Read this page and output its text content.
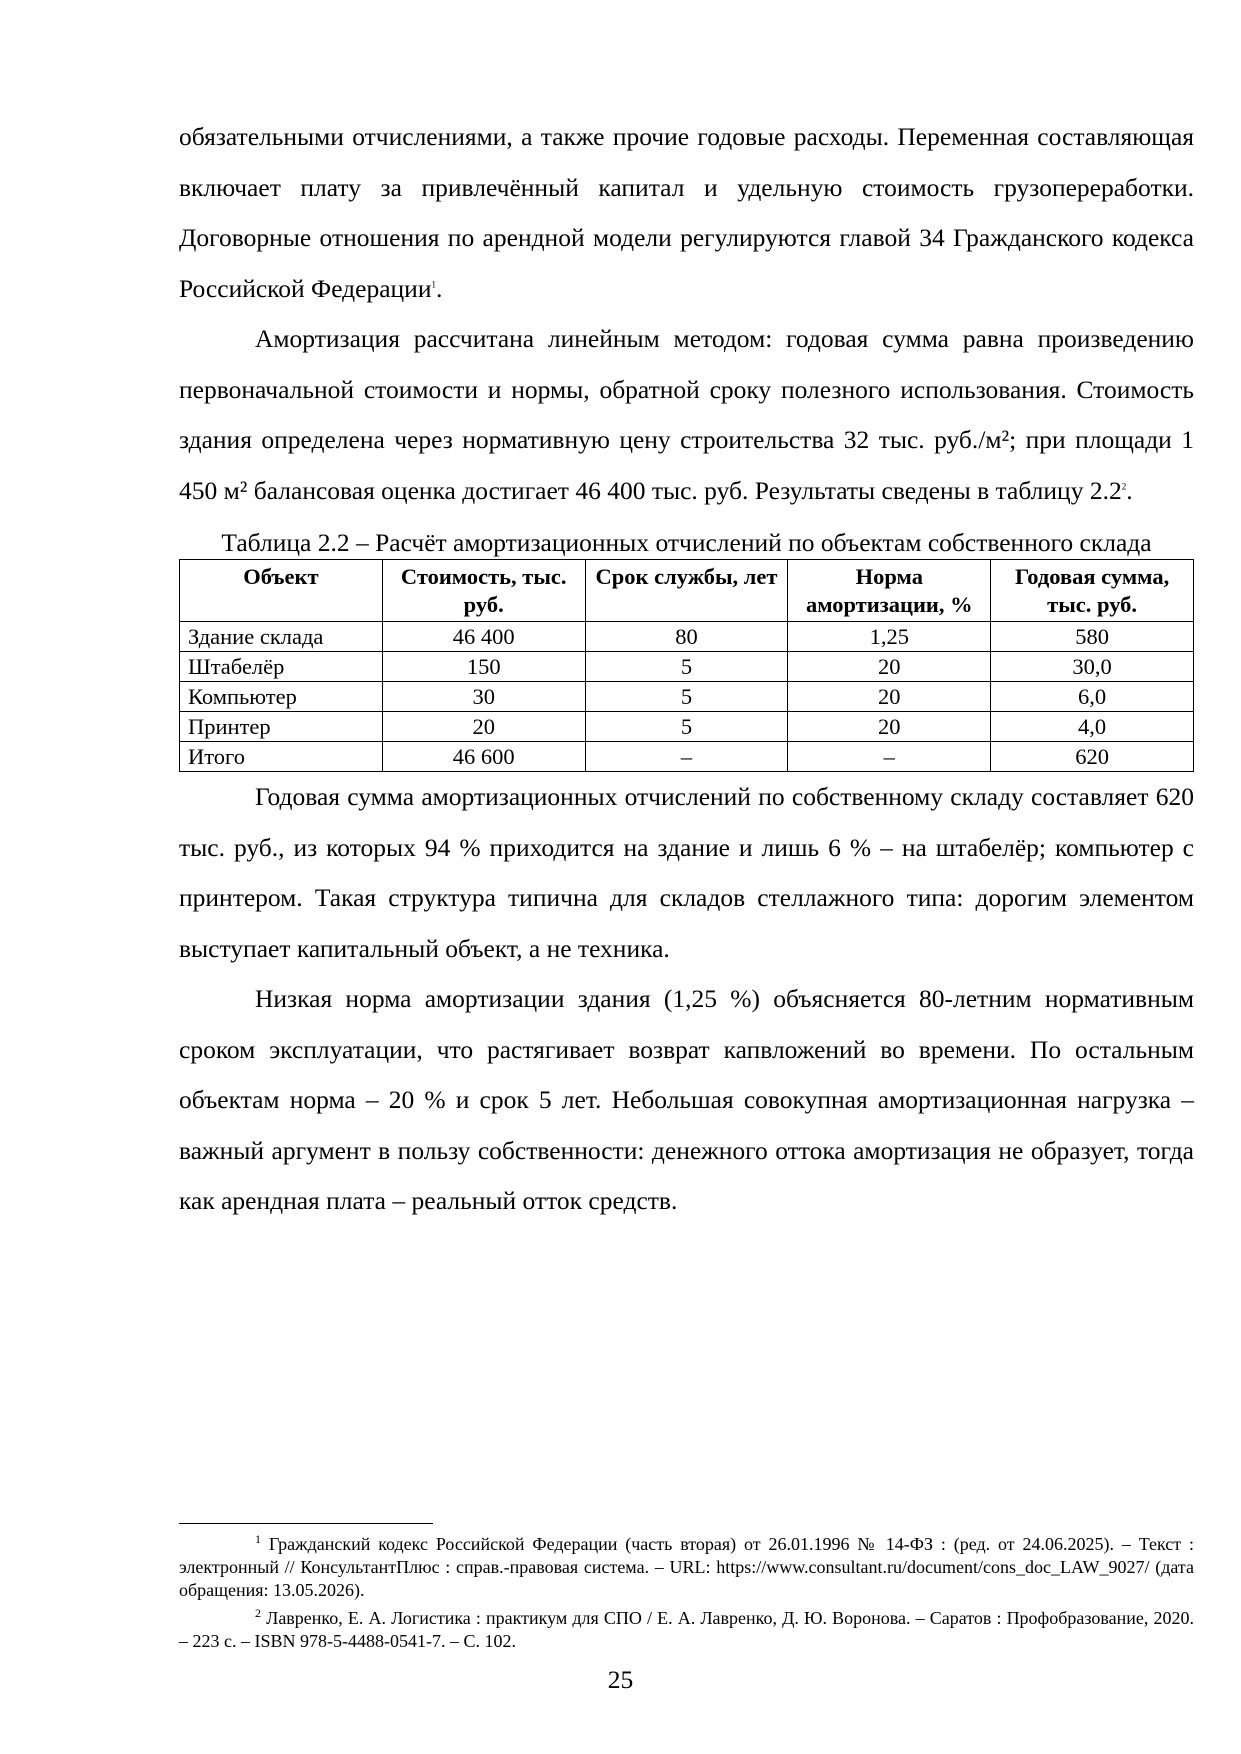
обязательными отчислениями, а также прочие годовые расходы. Переменная составляющая включает плату за привлечённый капитал и удельную стоимость грузопереработки. Договорные отношения по арендной модели регулируются главой 34 Гражданского кодекса Российской Федерации$^1$.

Амортизация рассчитана линейным методом: годовая сумма равна произведению первоначальной стоимости и нормы, обратной сроку полезного использования. Стоимость здания определена через нормативную цену строительства 32 тыс. руб./м²; при площади 1 450 м² балансовая оценка достигает 46 400 тыс. руб. Результаты сведены в таблицу 2.2$^2$.

Таблица 2.2 – Расчёт амортизационных отчислений по объектам собственного склада

Объект	Стоимость, тыс. руб.	Срок службы, лет	Норма амортизации, %	Годовая сумма, тыс. руб.
Здание склада	46 400	80	1,25	580
Штабелёр	150	5	20	30,0
Компьютер	30	5	20	6,0
Принтер	20	5	20	4,0
Итого	46 600	–	–	620

Годовая сумма амортизационных отчислений по собственному складу составляет 620 тыс. руб., из которых 94 % приходится на здание и лишь 6 % – на штабелёр; компьютер с принтером. Такая структура типична для складов стеллажного типа: дорогим элементом выступает капитальный объект, а не техника.

Низкая норма амортизации здания (1,25 %) объясняется 80-летним нормативным сроком эксплуатации, что растягивает возврат капвложений во времени. По остальным объектам норма – 20 % и срок 5 лет. Небольшая совокупная амортизационная нагрузка – важный аргумент в пользу собственности: денежного оттока амортизация не образует, тогда как арендная плата – реальный отток средств.

$^1$ Гражданский кодекс Российской Федерации (часть вторая) от 26.01.1996 № 14-ФЗ : (ред. от 24.06.2025). – Текст : электронный // КонсультантПлюс : справ.-правовая система. – URL: https://www.consultant.ru/document/cons_doc_LAW_9027/ (дата обращения: 13.05.2026).

$^2$ Лавренко, Е. А. Логистика : практикум для СПО / Е. А. Лавренко, Д. Ю. Воронова. – Саратов : Профобразование, 2020. – 223 с. – ISBN 978-5-4488-0541-7. – С. 102.

25
